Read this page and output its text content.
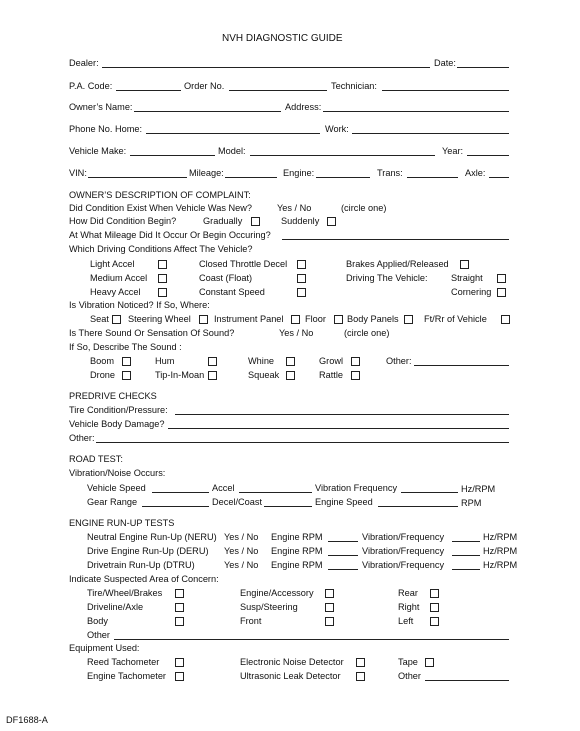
NVH DIAGNOSTIC GUIDE
Dealer:	Date:
P.A. Code:	Order No.	Technician:
Owner’s Name:	Address:
Phone No. Home:	Work:
Vehicle Make:	Model:	Year:
VIN:	Mileage:	Engine:	Trans:	Axle:
OWNER’S DESCRIPTION OF COMPLAINT:
Did Condition Exist When Vehicle Was New?	Yes / No	(circle one)
How Did Condition Begin?	Gradually	Suddenly
At What Mileage Did It Occur Or Begin Occuring?
Which Driving Conditions Affect The Vehicle?
Light Accel	Closed Throttle Decel	Brakes Applied/Released
Medium Accel	Coast (Float)	Driving The Vehicle:	Straight
Heavy Accel	Constant Speed	Cornering
Is Vibration Noticed? If So, Where:
Seat Steering Wheel	Instrument Panel Floor Body Panels	Ft/Rr of Vehicle
Is There Sound Or Sensation Of Sound?	Yes / No	(circle one)
If So, Describe The Sound :
Boom	Hum	Whine	Growl	Other:
Drone	Tip-In-Moan	Squeak	Rattle
PREDRIVE CHECKS
Tire Condition/Pressure:
Vehicle Body Damage?
Other:
ROAD TEST:
Vibration/Noise Occurs:
Vehicle Speed	Accel	Vibration Frequency	Hz/RPM
Gear Range	Decel/Coast	Engine Speed	RPM
ENGINE RUN-UP TESTS
Neutral Engine Run-Up (NERU) Yes / No Engine RPM	Vibration/Frequency	Hz/RPM
Drive Engine Run-Up (DERU) Yes / No Engine RPM	Vibration/Frequency	Hz/RPM
Drivetrain Run-Up (DTRU)	Yes / No Engine RPM	Vibration/Frequency	Hz/RPM
Indicate Suspected Area of Concern:
Tire/Wheel/Brakes	Engine/Accessory	Rear
Driveline/Axle	Susp/Steering	Right
Body	Front	Left
Other
Equipment Used:
Reed Tachometer	Electronic Noise Detector	Tape
Engine Tachometer	Ultrasonic Leak Detector	Other
DF1688-A
